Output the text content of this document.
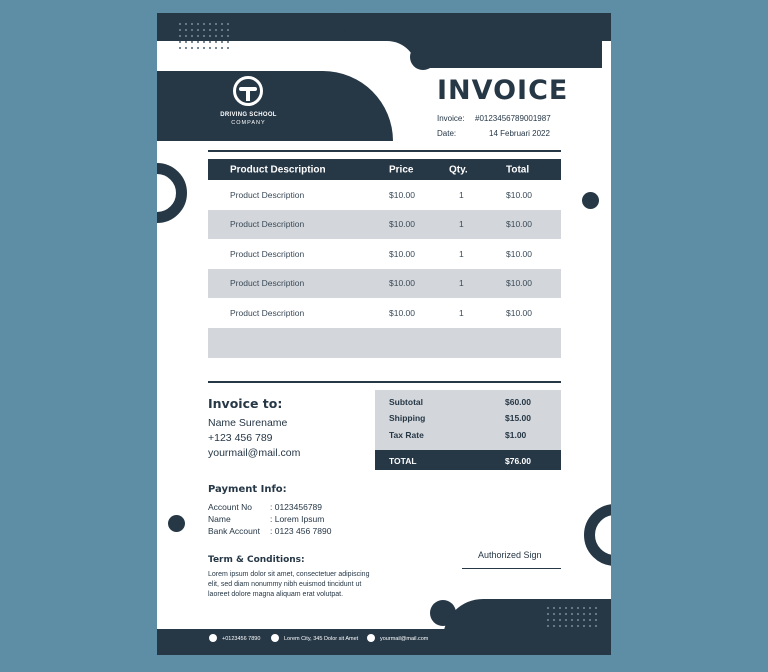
DRIVING SCHOOL
COMPANY
INVOICE
Invoice: #0123456789001987
Date:	14 Februari 2022
Product Description	Price	Qty.	Total
Product Description	$10.00	1	$10.00
Product Description	$10.00	1	$10.00
Product Description	$10.00	1	$10.00
Product Description	$10.00	1	$10.00
Product Description	$10.00	1	$10.00
Invoice to:
Name Surename
+123 456 789
yourmail@mail.com
Subtotal	$60.00
Shipping	$15.00
Tax Rate	$1.00
TOTAL	$76.00
Payment Info:
Account No : 0123456789
Name	: Lorem Ipsum
Bank Account : 0123 456 7890
Term & Conditions:
Lorem ipsum dolor sit amet, consectetuer adipiscing
elit, sed diam nonummy nibh euismod tincidunt ut
laoreet dolore magna aliquam erat volutpat.
Authorized Sign
+0123456 7890	Lorem City, 345 Dolor sit Amet	yourmail@mail.com
